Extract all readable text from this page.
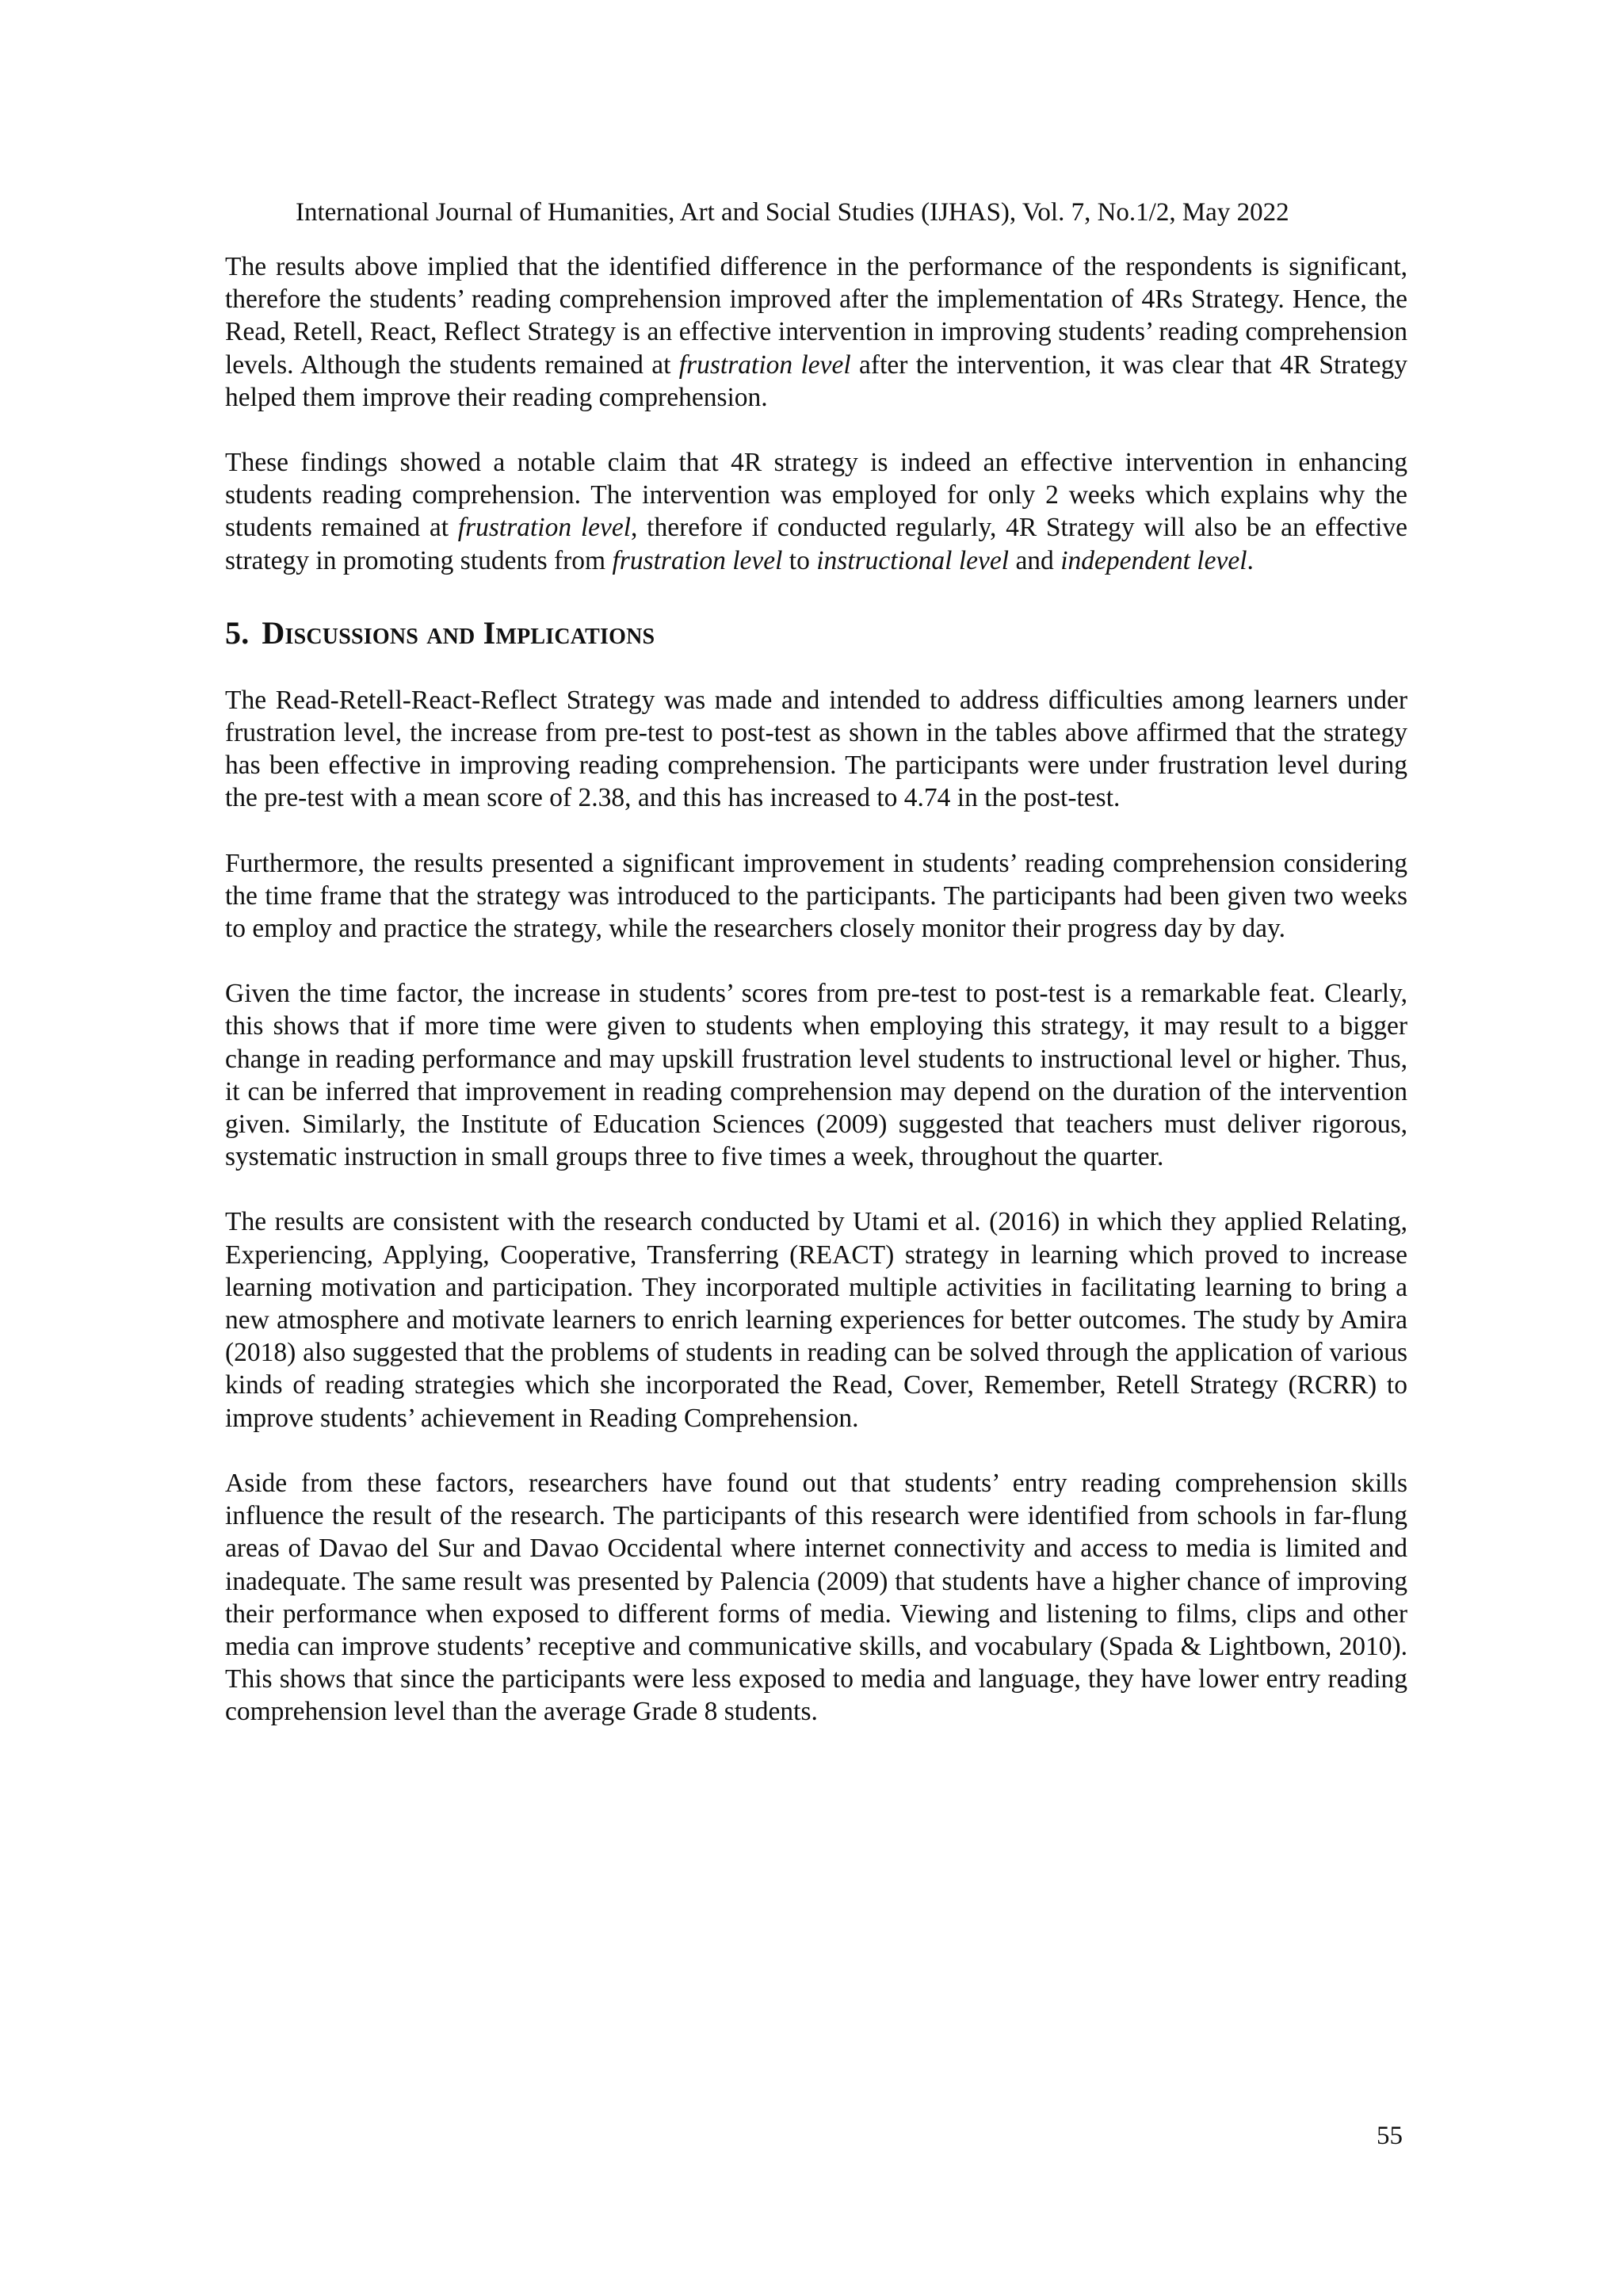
International Journal of Humanities, Art and Social Studies (IJHAS), Vol. 7, No.1/2, May 2022

The results above implied that the identified difference in the performance of the respondents is significant, therefore the students’ reading comprehension improved after the implementation of 4Rs Strategy. Hence, the Read, Retell, React, Reflect Strategy is an effective intervention in improving students’ reading comprehension levels. Although the students remained at frustration level after the intervention, it was clear that 4R Strategy helped them improve their reading comprehension.

These findings showed a notable claim that 4R strategy is indeed an effective intervention in enhancing students reading comprehension. The intervention was employed for only 2 weeks which explains why the students remained at frustration level, therefore if conducted regularly, 4R Strategy will also be an effective strategy in promoting students from frustration level to instructional level and independent level.

5. Discussions and Implications

The Read-Retell-React-Reflect Strategy was made and intended to address difficulties among learners under frustration level, the increase from pre-test to post-test as shown in the tables above affirmed that the strategy has been effective in improving reading comprehension. The participants were under frustration level during the pre-test with a mean score of 2.38, and this has increased to 4.74 in the post-test.

Furthermore, the results presented a significant improvement in students’ reading comprehension considering the time frame that the strategy was introduced to the participants. The participants had been given two weeks to employ and practice the strategy, while the researchers closely monitor their progress day by day.

Given the time factor, the increase in students’ scores from pre-test to post-test is a remarkable feat. Clearly, this shows that if more time were given to students when employing this strategy, it may result to a bigger change in reading performance and may upskill frustration level students to instructional level or higher. Thus, it can be inferred that improvement in reading comprehension may depend on the duration of the intervention given. Similarly, the Institute of Education Sciences (2009) suggested that teachers must deliver rigorous, systematic instruction in small groups three to five times a week, throughout the quarter.

The results are consistent with the research conducted by Utami et al. (2016) in which they applied Relating, Experiencing, Applying, Cooperative, Transferring (REACT) strategy in learning which proved to increase learning motivation and participation. They incorporated multiple activities in facilitating learning to bring a new atmosphere and motivate learners to enrich learning experiences for better outcomes. The study by Amira (2018) also suggested that the problems of students in reading can be solved through the application of various kinds of reading strategies which she incorporated the Read, Cover, Remember, Retell Strategy (RCRR) to improve students’ achievement in Reading Comprehension.

Aside from these factors, researchers have found out that students’ entry reading comprehension skills influence the result of the research. The participants of this research were identified from schools in far-flung areas of Davao del Sur and Davao Occidental where internet connectivity and access to media is limited and inadequate. The same result was presented by Palencia (2009) that students have a higher chance of improving their performance when exposed to different forms of media. Viewing and listening to films, clips and other media can improve students’ receptive and communicative skills, and vocabulary (Spada & Lightbown, 2010). This shows that since the participants were less exposed to media and language, they have lower entry reading comprehension level than the average Grade 8 students.

55
